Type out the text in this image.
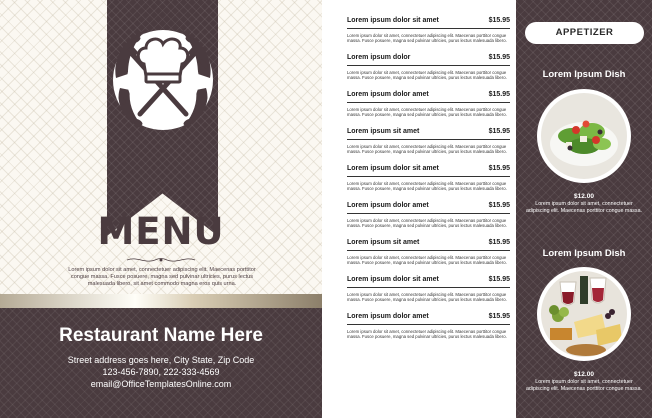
MENU
Lorem ipsum dolor sit amet, connectetuer adipiscing elit. Maecenas porttitor congue massa. Fusce posuere, magna sed pulvinar ultricies, purus lectus malesuada libero, sit amet commodo magna eros quis urna.
Restaurant Name Here
Street address goes here, City State, Zip Code
123-456-7890, 222-333-4569
email@OfficeTemplatesOnline.com
Lorem ipsum dolor sit amet	$15.95
Lorem ipsum dolor sit amet, connectetuer adipiscing elit. Maecenas porttitor congue massa. Fusce posuere, magna sed pulvinar ultricies, purus lectus malesuada libero.
Lorem ipsum dolor	$15.95
Lorem ipsum dolor sit amet, connectetuer adipiscing elit. Maecenas porttitor congue massa. Fusce posuere, magna sed pulvinar ultricies, purus lectus malesuada libero.
Lorem ipsum dolor amet	$15.95
Lorem ipsum dolor sit amet, connectetuer adipiscing elit. Maecenas porttitor congue massa. Fusce posuere, magna sed pulvinar ultricies, purus lectus malesuada libero.
Lorem ipsum sit amet	$15.95
Lorem ipsum dolor sit amet, connectetuer adipiscing elit. Maecenas porttitor congue massa. Fusce posuere, magna sed pulvinar ultricies, purus lectus malesuada libero.
Lorem ipsum dolor sit amet	$15.95
Lorem ipsum dolor sit amet, connectetuer adipiscing elit. Maecenas porttitor congue massa. Fusce posuere, magna sed pulvinar ultricies, purus lectus malesuada libero.
Lorem ipsum dolor amet	$15.95
Lorem ipsum dolor sit amet, connectetuer adipiscing elit. Maecenas porttitor congue massa. Fusce posuere, magna sed pulvinar ultricies, purus lectus malesuada libero.
Lorem ipsum sit amet	$15.95
Lorem ipsum dolor sit amet, connectetuer adipiscing elit. Maecenas porttitor congue massa. Fusce posuere, magna sed pulvinar ultricies, purus lectus malesuada libero.
Lorem ipsum dolor sit amet	$15.95
Lorem ipsum dolor sit amet, connectetuer adipiscing elit. Maecenas porttitor congue massa. Fusce posuere, magna sed pulvinar ultricies, purus lectus malesuada libero.
Lorem ipsum dolor amet	$15.95
Lorem ipsum dolor sit amet, connectetuer adipiscing elit. Maecenas porttitor congue massa. Fusce posuere, magna sed pulvinar ultricies, purus lectus malesuada libero.
APPETIZER
Lorem Ipsum Dish
$12.00
Lorem ipsum dolor sit amet, connectetuer adipiscing elit. Maecenas porttitor congue massa.
Lorem Ipsum Dish
$12.00
Lorem ipsum dolor sit amet, connectetuer adipiscing elit. Maecenas porttitor congue massa.
